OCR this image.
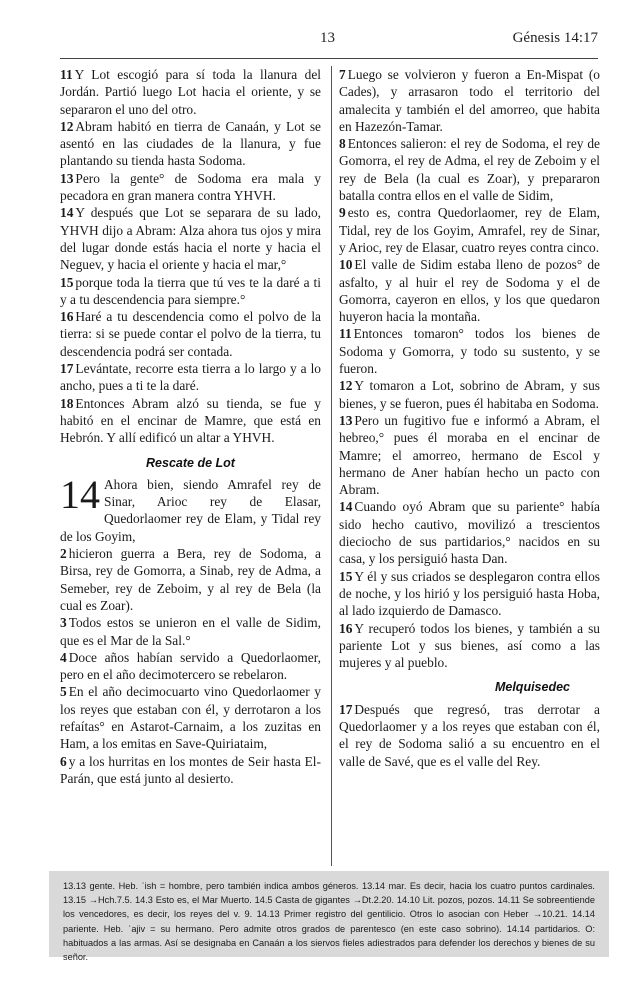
13	Génesis 14:17

11 Y Lot escogió para sí toda la llanura del Jordán. Partió luego Lot hacia el oriente, y se separaron el uno del otro.

12 Abram habitó en tierra de Canaán, y Lot se asentó en las ciudades de la llanura, y fue plantando su tienda hasta Sodoma.

13 Pero la gente° de Sodoma era mala y pecadora en gran manera contra YHVH.

14 Y después que Lot se separara de su lado, YHVH dijo a Abram: Alza ahora tus ojos y mira del lugar donde estás hacia el norte y hacia el Neguev, y hacia el oriente y hacia el mar,°

15 porque toda la tierra que tú ves te la daré a ti y a tu descendencia para siempre.°

16 Haré a tu descendencia como el polvo de la tierra: si se puede contar el polvo de la tierra, tu descendencia podrá ser contada.

17 Levántate, recorre esta tierra a lo largo y a lo ancho, pues a ti te la daré.

18 Entonces Abram alzó su tienda, se fue y habitó en el encinar de Mamre, que está en Hebrón. Y allí edificó un altar a YHVH.

Rescate de Lot

14 Ahora bien, siendo Amrafel rey de Sinar, Arioc rey de Elasar, Quedorlaomer rey de Elam, y Tidal rey de los Goyim,

2 hicieron guerra a Bera, rey de Sodoma, a Birsa, rey de Gomorra, a Sinab, rey de Adma, a Semeber, rey de Zeboim, y al rey de Bela (la cual es Zoar).

3 Todos estos se unieron en el valle de Sidim, que es el Mar de la Sal.°

4 Doce años habían servido a Quedorlaomer, pero en el año decimotercero se rebelaron.

5 En el año decimocuarto vino Quedorlaomer y los reyes que estaban con él, y derrotaron a los refaítas° en Astarot-Carnaim, a los zuzitas en Ham, a los emitas en Save-Quiriataim,

6 y a los hurritas en los montes de Seir hasta El-Parán, que está junto al desierto.

7 Luego se volvieron y fueron a En-Mispat (o Cades), y arrasaron todo el territorio del amalecita y también el del amorreo, que habita en Hazezón-Tamar.

8 Entonces salieron: el rey de Sodoma, el rey de Gomorra, el rey de Adma, el rey de Zeboim y el rey de Bela (la cual es Zoar), y prepararon batalla contra ellos en el valle de Sidim,

9 esto es, contra Quedorlaomer, rey de Elam, Tidal, rey de los Goyim, Amrafel, rey de Sinar, y Arioc, rey de Elasar, cuatro reyes contra cinco.

10 El valle de Sidim estaba lleno de pozos° de asfalto, y al huir el rey de Sodoma y el de Gomorra, cayeron en ellos, y los que quedaron huyeron hacia la montaña.

11 Entonces tomaron° todos los bienes de Sodoma y Gomorra, y todo su sustento, y se fueron.

12 Y tomaron a Lot, sobrino de Abram, y sus bienes, y se fueron, pues él habitaba en Sodoma.

13 Pero un fugitivo fue e informó a Abram, el hebreo,° pues él moraba en el encinar de Mamre; el amorreo, hermano de Escol y hermano de Aner habían hecho un pacto con Abram.

14 Cuando oyó Abram que su pariente° había sido hecho cautivo, movilizó a trescientos dieciocho de sus partidarios,° nacidos en su casa, y los persiguió hasta Dan.

15 Y él y sus criados se desplegaron contra ellos de noche, y los hirió y los persiguió hasta Hoba, al lado izquierdo de Damasco.

16 Y recuperó todos los bienes, y también a su pariente Lot y sus bienes, así como a las mujeres y al pueblo.

Melquisedec

17 Después que regresó, tras derrotar a Quedorlaomer y a los reyes que estaban con él, el rey de Sodoma salió a su encuentro en el valle de Savé, que es el valle del Rey.

13.13 gente. Heb. ʾish = hombre, pero también indica ambos géneros. 13.14 mar. Es decir, hacia los cuatro puntos cardinales. 13.15 →Hch.7.5. 14.3 Esto es, el Mar Muerto. 14.5 Casta de gigantes →Dt.2.20. 14.10 Lit. pozos, pozos. 14.11 Se sobreentiende los vencedores, es decir, los reyes del v. 9. 14.13 Primer registro del gentilicio. Otros lo asocian con Heber →10.21. 14.14 pariente. Heb. ʾajiv = su hermano. Pero admite otros grados de parentesco (en este caso sobrino). 14.14 partidarios. O: habituados a las armas. Así se designaba en Canaán a los siervos fieles adiestrados para defender los derechos y bienes de su señor.
